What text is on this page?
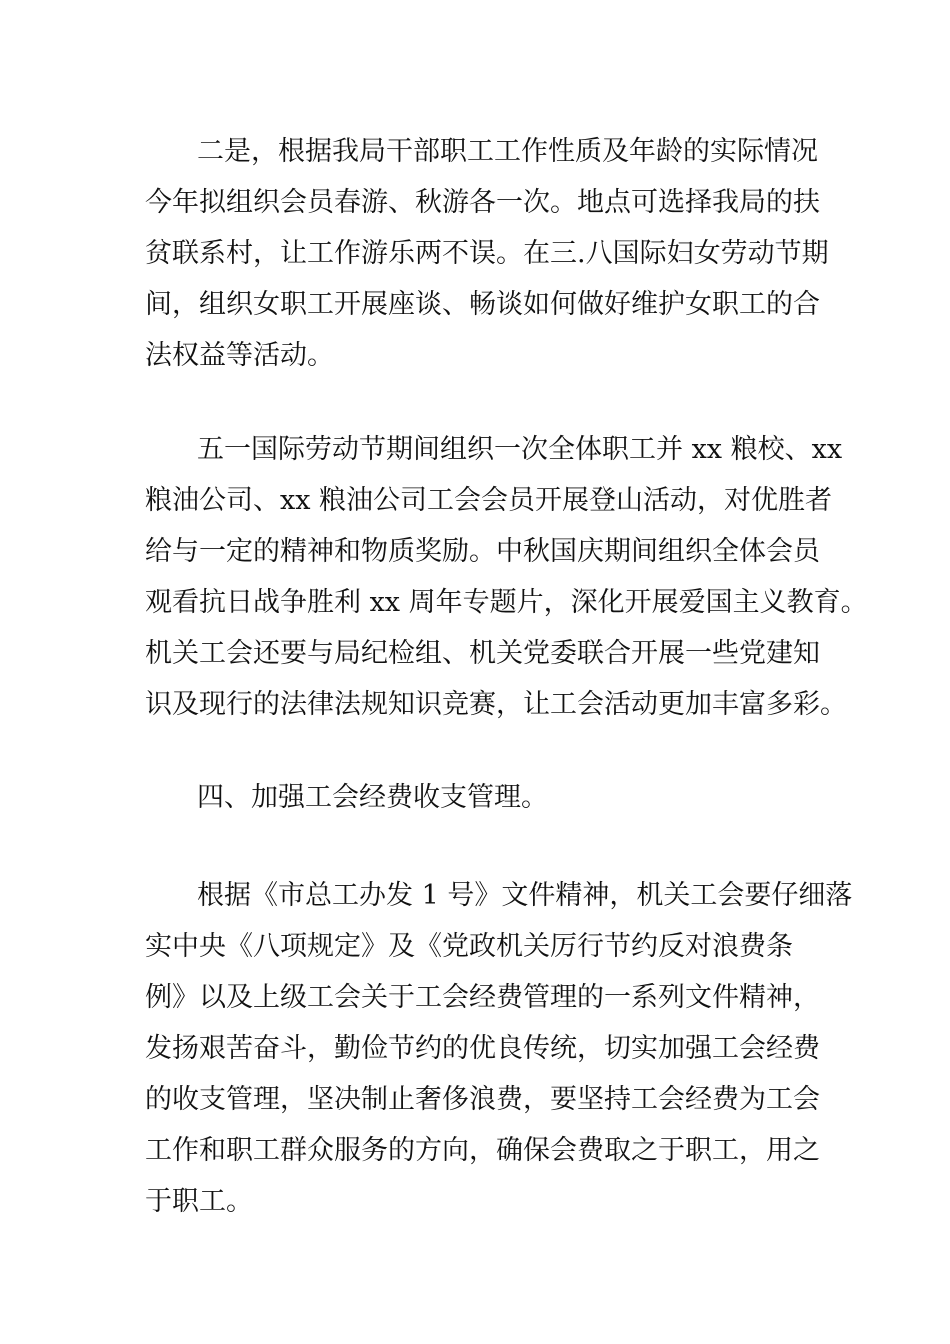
二是，根据我局干部职工工作性质及年龄的实际情况
今年拟组织会员春游、秋游各一次。地点可选择我局的扶
贫联系村，让工作游乐两不误。在三.八国际妇女劳动节期
间，组织女职工开展座谈、畅谈如何做好维护女职工的合
法权益等活动。
五一国际劳动节期间组织一次全体职工并 xx 粮校、xx
粮油公司、xx 粮油公司工会会员开展登山活动，对优胜者
给与一定的精神和物质奖励。中秋国庆期间组织全体会员
观看抗日战争胜利 xx 周年专题片，深化开展爱国主义教育。
机关工会还要与局纪检组、机关党委联合开展一些党建知
识及现行的法律法规知识竞赛，让工会活动更加丰富多彩。
四、加强工会经费收支管理。
根据《市总工办发 1 号》文件精神，机关工会要仔细落
实中央《八项规定》及《党政机关厉行节约反对浪费条
例》以及上级工会关于工会经费管理的一系列文件精神，
发扬艰苦奋斗，勤俭节约的优良传统，切实加强工会经费
的收支管理，坚决制止奢侈浪费，要坚持工会经费为工会
工作和职工群众服务的方向，确保会费取之于职工，用之
于职工。
